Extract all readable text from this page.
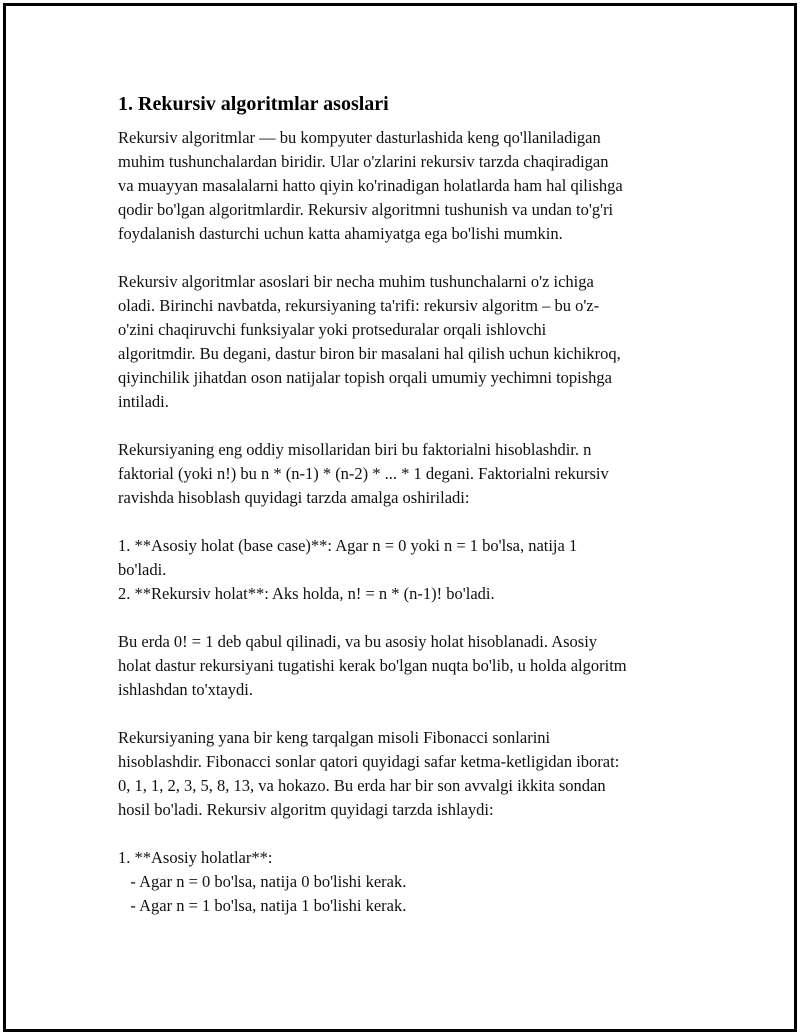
1. Rekursiv algoritmlar asoslari
Rekursiv algoritmlar — bu kompyuter dasturlashida keng qo'llaniladigan
muhim tushunchalardan biridir. Ular o'zlarini rekursiv tarzda chaqiradigan
va muayyan masalalarni hatto qiyin ko'rinadigan holatlarda ham hal qilishga
qodir bo'lgan algoritmlardir. Rekursiv algoritmni tushunish va undan to'g'ri
foydalanish dasturchi uchun katta ahamiyatga ega bo'lishi mumkin.
Rekursiv algoritmlar asoslari bir necha muhim tushunchalarni o'z ichiga
oladi. Birinchi navbatda, rekursiyaning ta'rifi: rekursiv algoritm – bu o'z-
o'zini chaqiruvchi funksiyalar yoki protseduralar orqali ishlovchi
algoritmdir. Bu degani, dastur biron bir masalani hal qilish uchun kichikroq,
qiyinchilik jihatdan oson natijalar topish orqali umumiy yechimni topishga
intiladi.
Rekursiyaning eng oddiy misollaridan biri bu faktorialni hisoblashdir. n
faktorial (yoki n!) bu n * (n-1) * (n-2) * ... * 1 degani. Faktorialni rekursiv
ravishda hisoblash quyidagi tarzda amalga oshiriladi:
1. **Asosiy holat (base case)**: Agar n = 0 yoki n = 1 bo'lsa, natija 1
bo'ladi.
2. **Rekursiv holat**: Aks holda, n! = n * (n-1)! bo'ladi.
Bu erda 0! = 1 deb qabul qilinadi, va bu asosiy holat hisoblanadi. Asosiy
holat dastur rekursiyani tugatishi kerak bo'lgan nuqta bo'lib, u holda algoritm
ishlashdan to'xtaydi.
Rekursiyaning yana bir keng tarqalgan misoli Fibonacci sonlarini
hisoblashdir. Fibonacci sonlar qatori quyidagi safar ketma-ketligidan iborat:
0, 1, 1, 2, 3, 5, 8, 13, va hokazo. Bu erda har bir son avvalgi ikkita sondan
hosil bo'ladi. Rekursiv algoritm quyidagi tarzda ishlaydi:
1. **Asosiy holatlar**:
- Agar n = 0 bo'lsa, natija 0 bo'lishi kerak.
- Agar n = 1 bo'lsa, natija 1 bo'lishi kerak.
